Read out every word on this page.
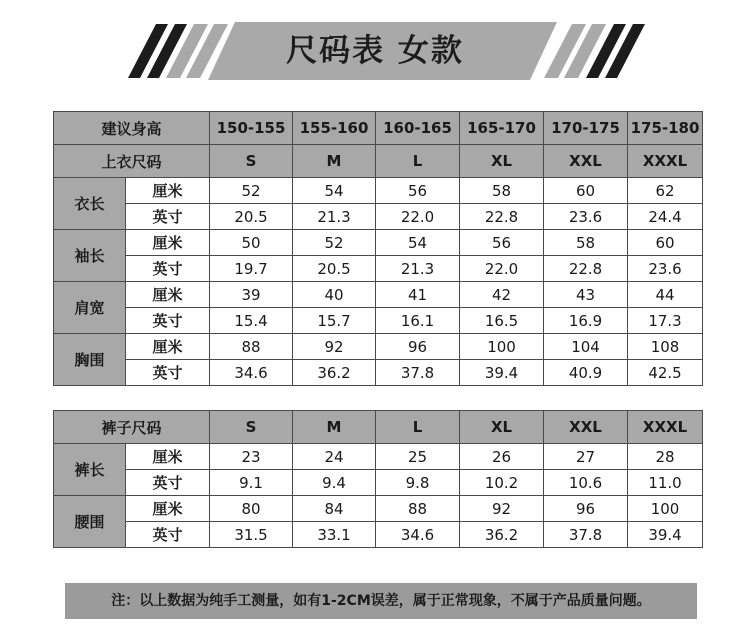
尺码表 女款
建议身高		150-155	155-160	160-165	165-170	170-175	175-180
上衣尺码		S	M	L	XL	XXL	XXXL
衣长	厘米	52	54	56	58	60	62
	英寸	20.5	21.3	22.0	22.8	23.6	24.4
袖长	厘米	50	52	54	56	58	60
	英寸	19.7	20.5	21.3	22.0	22.8	23.6
肩宽	厘米	39	40	41	42	43	44
	英寸	15.4	15.7	16.1	16.5	16.9	17.3
胸围	厘米	88	92	96	100	104	108
	英寸	34.6	36.2	37.8	39.4	40.9	42.5
裤子尺码		S	M	L	XL	XXL	XXXL
裤长	厘米	23	24	25	26	27	28
	英寸	9.1	9.4	9.8	10.2	10.6	11.0
腰围	厘米	80	84	88	92	96	100
	英寸	31.5	33.1	34.6	36.2	37.8	39.4
注：以上数据为纯手工测量，如有1-2CM误差，属于正常现象，不属于产品质量问题。
